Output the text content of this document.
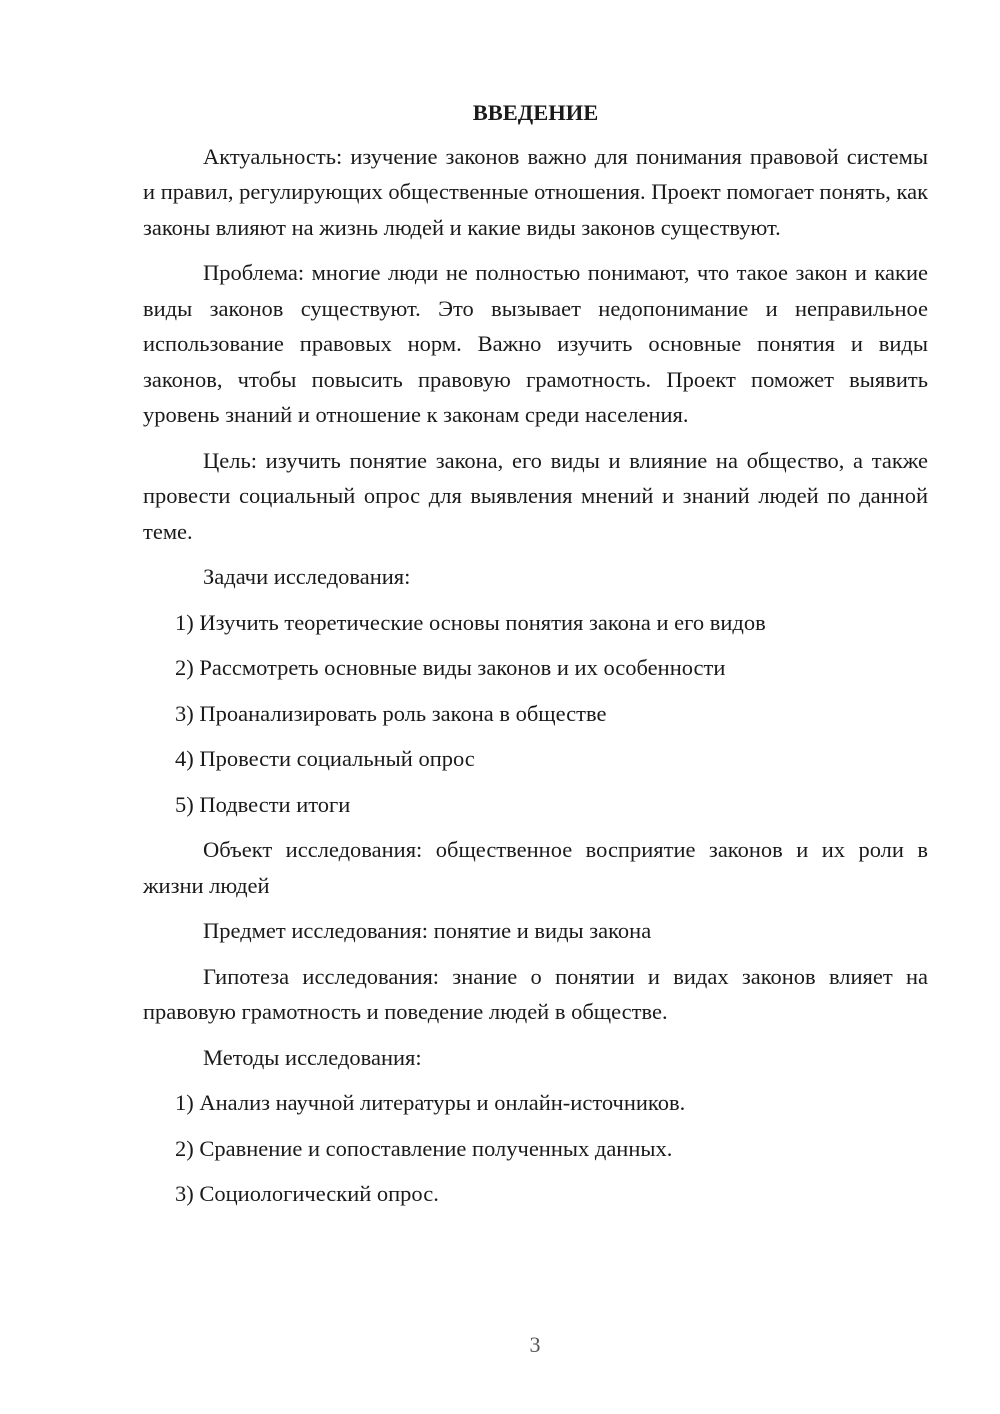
ВВЕДЕНИЕ

Актуальность: изучение законов важно для понимания правовой системы и правил, регулирующих общественные отношения. Проект помогает понять, как законы влияют на жизнь людей и какие виды законов существуют.

Проблема: многие люди не полностью понимают, что такое закон и какие виды законов существуют. Это вызывает недопонимание и неправильное использование правовых норм. Важно изучить основные понятия и виды законов, чтобы повысить правовую грамотность. Проект поможет выявить уровень знаний и отношение к законам среди населения.

Цель: изучить понятие закона, его виды и влияние на общество, а также провести социальный опрос для выявления мнений и знаний людей по данной теме.

Задачи исследования:

1) Изучить теоретические основы понятия закона и его видов

2) Рассмотреть основные виды законов и их особенности

3) Проанализировать роль закона в обществе

4) Провести социальный опрос

5) Подвести итоги

Объект исследования: общественное восприятие законов и их роли в жизни людей

Предмет исследования: понятие и виды закона

Гипотеза исследования: знание о понятии и видах законов влияет на правовую грамотность и поведение людей в обществе.

Методы исследования:

1) Анализ научной литературы и онлайн-источников.

2) Сравнение и сопоставление полученных данных.

3) Социологический опрос.

3
